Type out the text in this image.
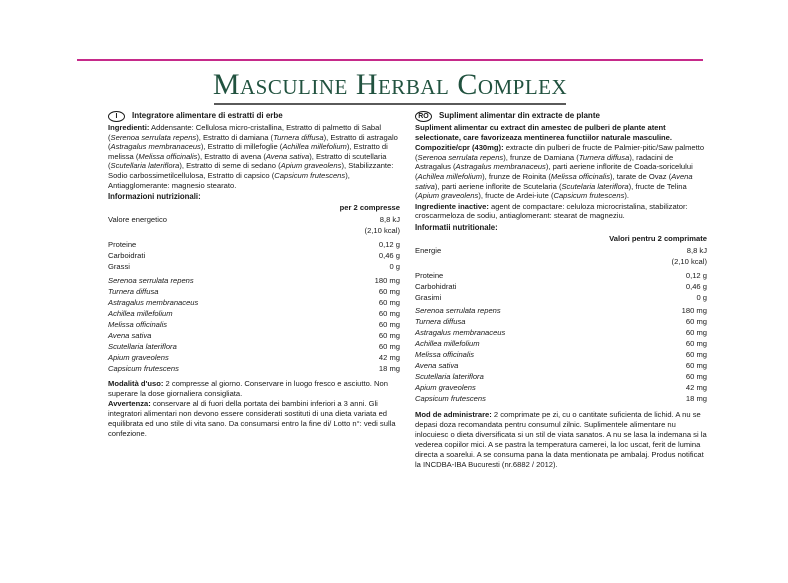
Masculine Herbal Complex
I	Integratore alimentare di estratti di erbe

Ingredienti: Addensante: Cellulosa micro-cristallina, Estratto di palmetto di Sabal (Serenoa serrulata repens), Estratto di damiana (Turnera diffusa), Estratto di astragalo (Astragalus membranaceus), Estratto di millefoglie (Achillea millefolium), Estratto di melissa (Melissa officinalis), Estratto di avena (Avena sativa), Estratto di scutellaria (Scutellaria lateriflora), Estratto di seme di sedano (Apium graveolens), Stabilizzante: Sodio carbossimetilcellulosa, Estratto di capsico (Capsicum frutescens), Antiagglomerante: magnesio stearato.

Informazioni nutrizionali:
	per 2 compresse
Valore energetico	8,8 kJ
	(2,10 kcal)
Proteine	0,12 g
Carboidrati	0,46 g
Grassi	0 g
Serenoa serrulata repens	180 mg
Turnera diffusa	60 mg
Astragalus membranaceus	60 mg
Achillea millefolium	60 mg
Melissa officinalis	60 mg
Avena sativa	60 mg
Scutellaria lateriflora	60 mg
Apium graveolens	42 mg
Capsicum frutescens	18 mg

Modalità d'uso: 2 compresse al giorno. Conservare in luogo fresco e asciutto. Non superare la dose giornaliera consigliata.

Avvertenza: conservare al di fuori della portata dei bambini inferiori a 3 anni. Gli integratori alimentari non devono essere considerati sostituti di una dieta variata ed equilibrata ed uno stile di vita sano. Da consumarsi entro la fine di/ Lotto n°: vedi sulla confezione.

RO	Supliment alimentar din extracte de plante

Supliment alimentar cu extract din amestec de pulberi de plante atent selectionate, care favorizeaza mentinerea functiilor naturale masculine.

Compozitie/cpr (430mg): extracte din pulberi de fructe de Palmier-pitic/Saw palmetto (Serenoa serrulata repens), frunze de Damiana (Turnera diffusa), radacini de Astragalus (Astragalus membranaceus), parti aeriene inflorite de Coada-soricelului (Achillea millefolium), frunze de Roinita (Melissa officinalis), tarate de Ovaz (Avena sativa), parti aeriene inflorite de Scutelaria (Scutelaria lateriflora), fructe de Telina (Apium graveolens), fructe de Ardei-iute (Capsicum frutescens).

Ingrediente inactive: agent de compactare: celuloza microcristalina, stabilizator: croscarmeloza de sodiu, antiaglomerant: stearat de magneziu.

Informatii nutritionale:
	Valori pentru 2 comprimate
Energie	8,8 kJ
	(2,10 kcal)
Proteine	0,12 g
Carbohidrati	0,46 g
Grasimi	0 g
Serenoa serrulata repens	180 mg
Turnera diffusa	60 mg
Astragalus membranaceus	60 mg
Achillea millefolium	60 mg
Melissa officinalis	60 mg
Avena sativa	60 mg
Scutellaria lateriflora	60 mg
Apium graveolens	42 mg
Capsicum frutescens	18 mg

Mod de administrare: 2 comprimate pe zi, cu o cantitate suficienta de lichid. A nu se depasi doza recomandata pentru consumul zilnic. Suplimentele alimentare nu inlocuiesc o dieta diversificata si un stil de viata sanatos. A nu se lasa la indemana si la vederea copiilor mici. A se pastra la temperatura camerei, la loc uscat, ferit de lumina directa a soarelui. A se consuma pana la data mentionata pe ambalaj. Produs notificat la INCDBA-IBA Bucuresti (nr.6882 / 2012).
